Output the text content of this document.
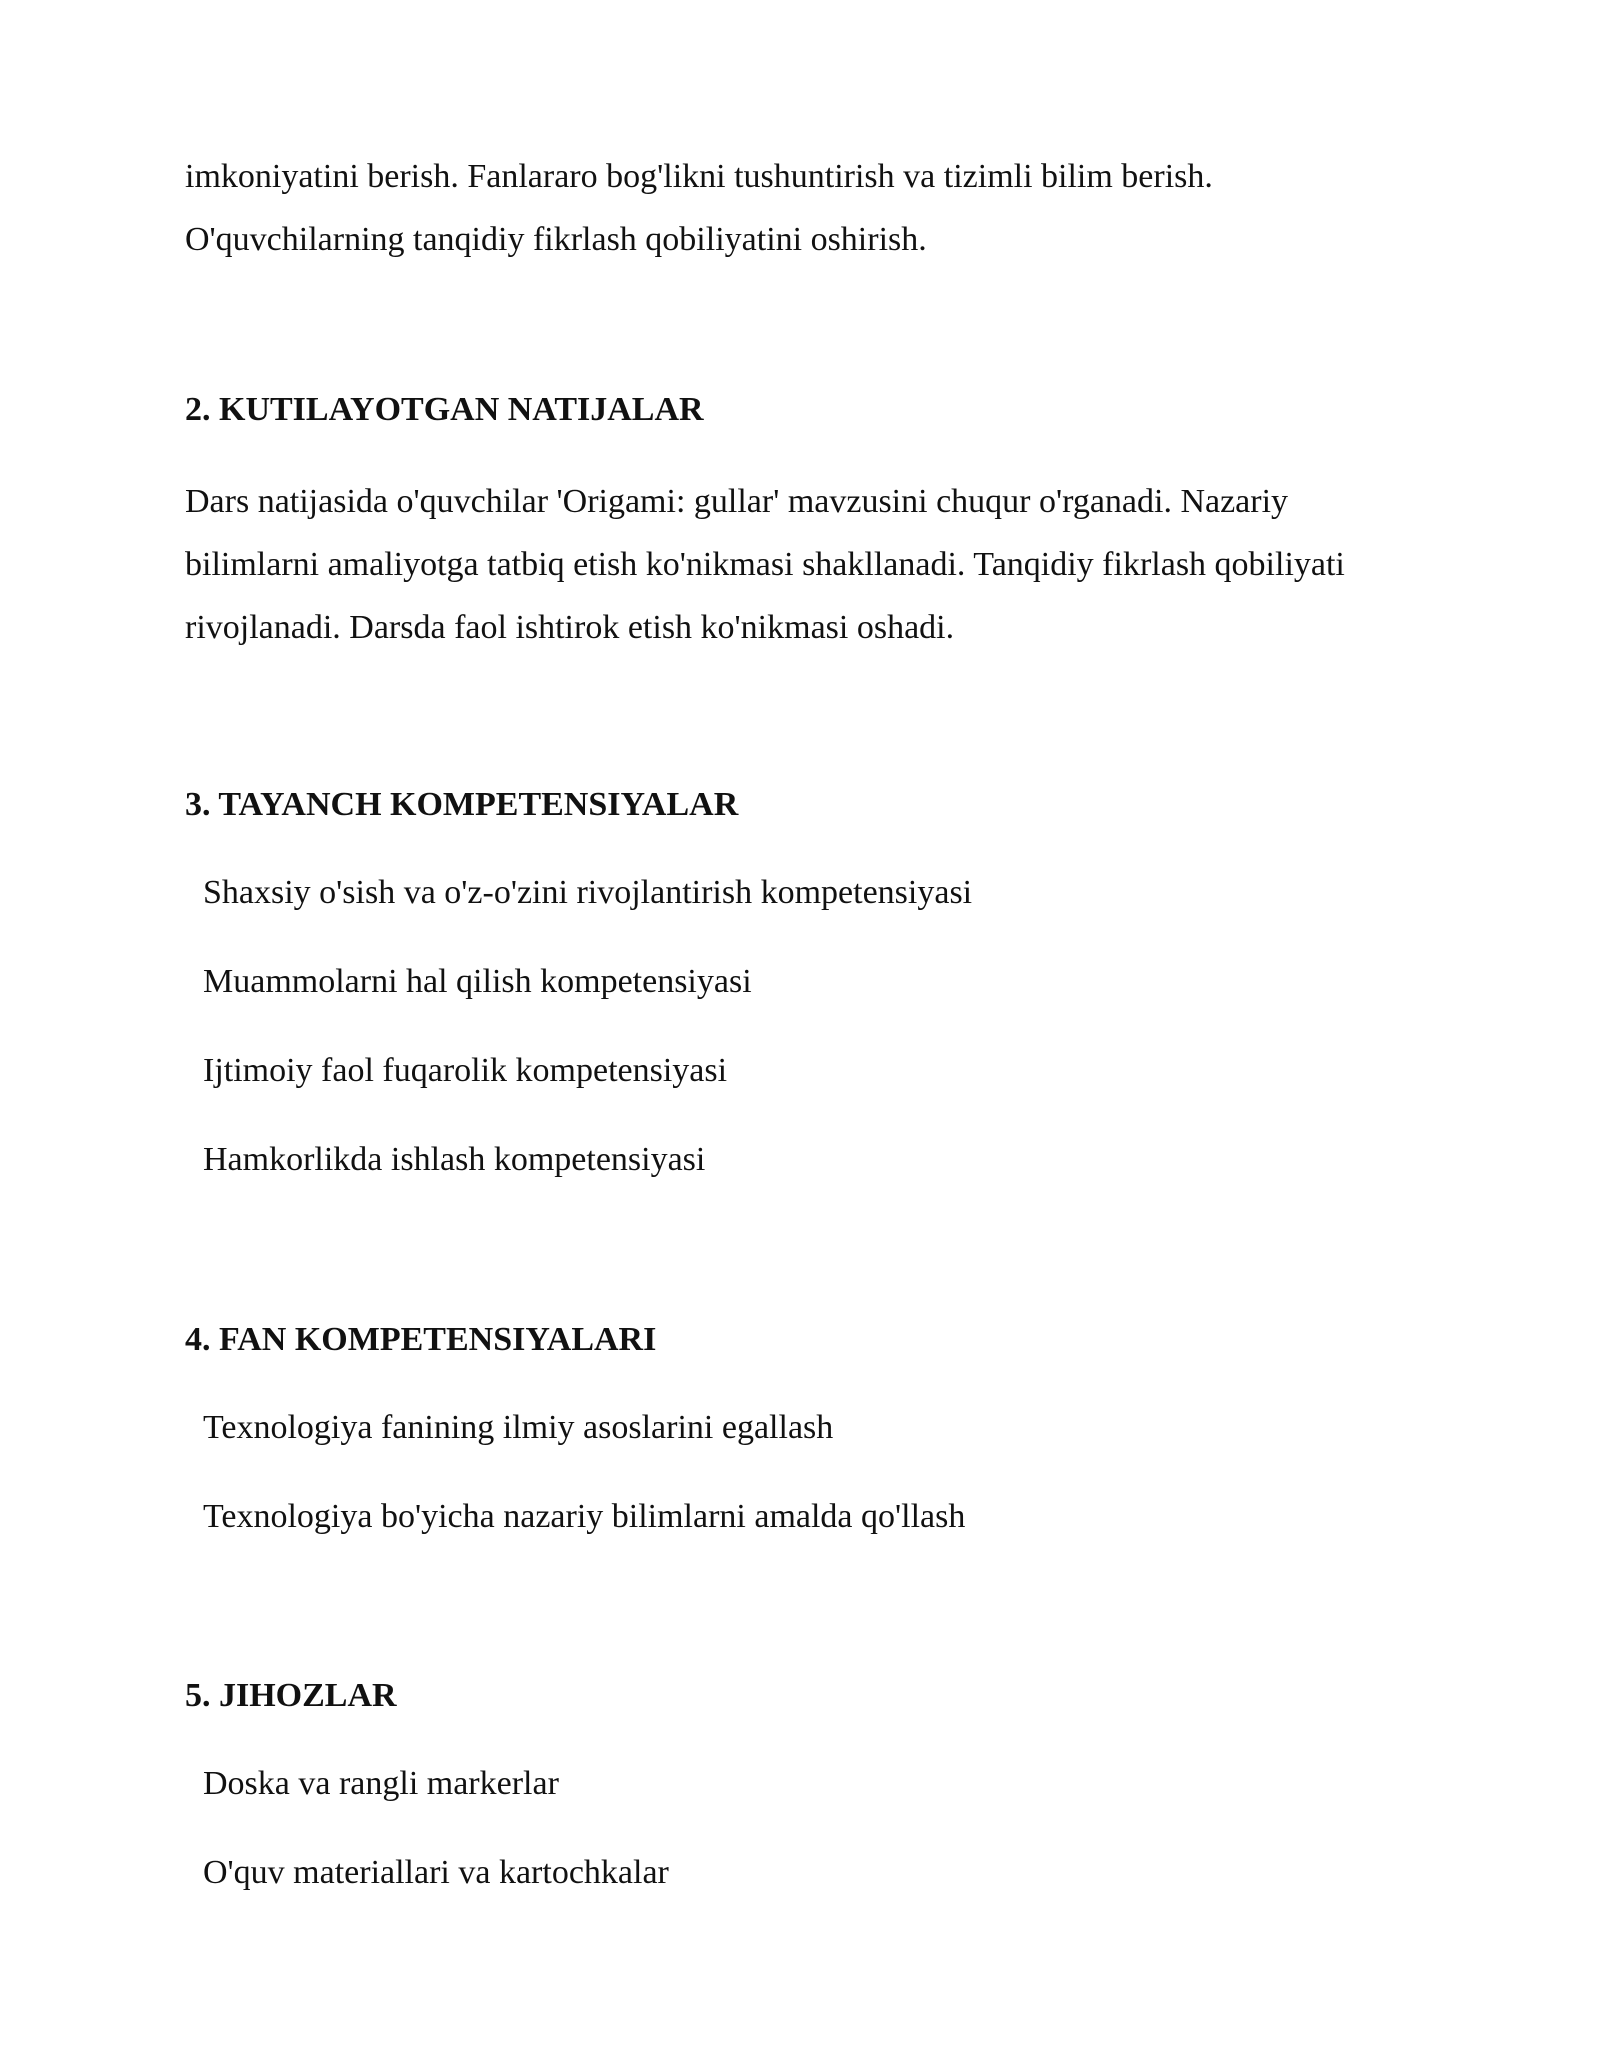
imkoniyatini berish. Fanlararo bog'likni tushuntirish va tizimli bilim berish. O'quvchilarning tanqidiy fikrlash qobiliyatini oshirish.

2. KUTILAYOTGAN NATIJALAR

Dars natijasida o'quvchilar 'Origami: gullar' mavzusini chuqur o'rganadi. Nazariy bilimlarni amaliyotga tatbiq etish ko'nikmasi shakllanadi. Tanqidiy fikrlash qobiliyati rivojlanadi. Darsda faol ishtirok etish ko'nikmasi oshadi.

3. TAYANCH KOMPETENSIYALAR
Shaxsiy o'sish va o'z-o'zini rivojlantirish kompetensiyasi
Muammolarni hal qilish kompetensiyasi
Ijtimoiy faol fuqarolik kompetensiyasi
Hamkorlikda ishlash kompetensiyasi
4. FAN KOMPETENSIYALARI
Texnologiya fanining ilmiy asoslarini egallash
Texnologiya bo'yicha nazariy bilimlarni amalda qo'llash
5. JIHOZLAR
Doska va rangli markerlar
O'quv materiallari va kartochkalar
